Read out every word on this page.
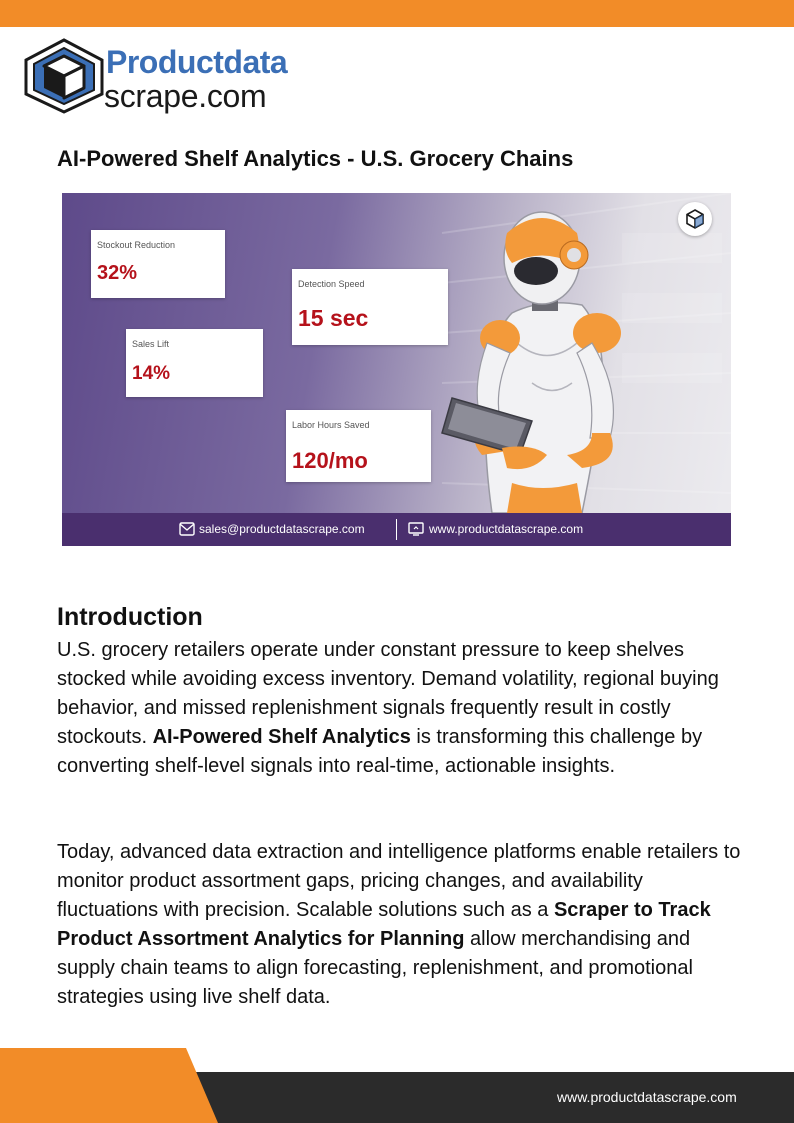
Productdata
scrape.com
AI-Powered Shelf Analytics - U.S. Grocery Chains
Stockout Reduction
32%	Detection Speed
15 sec
Sales Lift
14%
Labor Hours Saved
120/mo
sales@productdatascrape.com	www.productdatascrape.com
Introduction

U.S. grocery retailers operate under constant pressure to keep shelves stocked while avoiding excess inventory. Demand volatility, regional buying behavior, and missed replenishment signals frequently result in costly stockouts. AI-Powered Shelf Analytics is transforming this challenge by converting shelf-level signals into real-time, actionable insights.

Today, advanced data extraction and intelligence platforms enable retailers to monitor product assortment gaps, pricing changes, and availability fluctuations with precision. Scalable solutions such as a Scraper to Track Product Assortment Analytics for Planning allow merchandising and supply chain teams to align forecasting, replenishment, and promotional strategies using live shelf data.

www.productdatascrape.com
